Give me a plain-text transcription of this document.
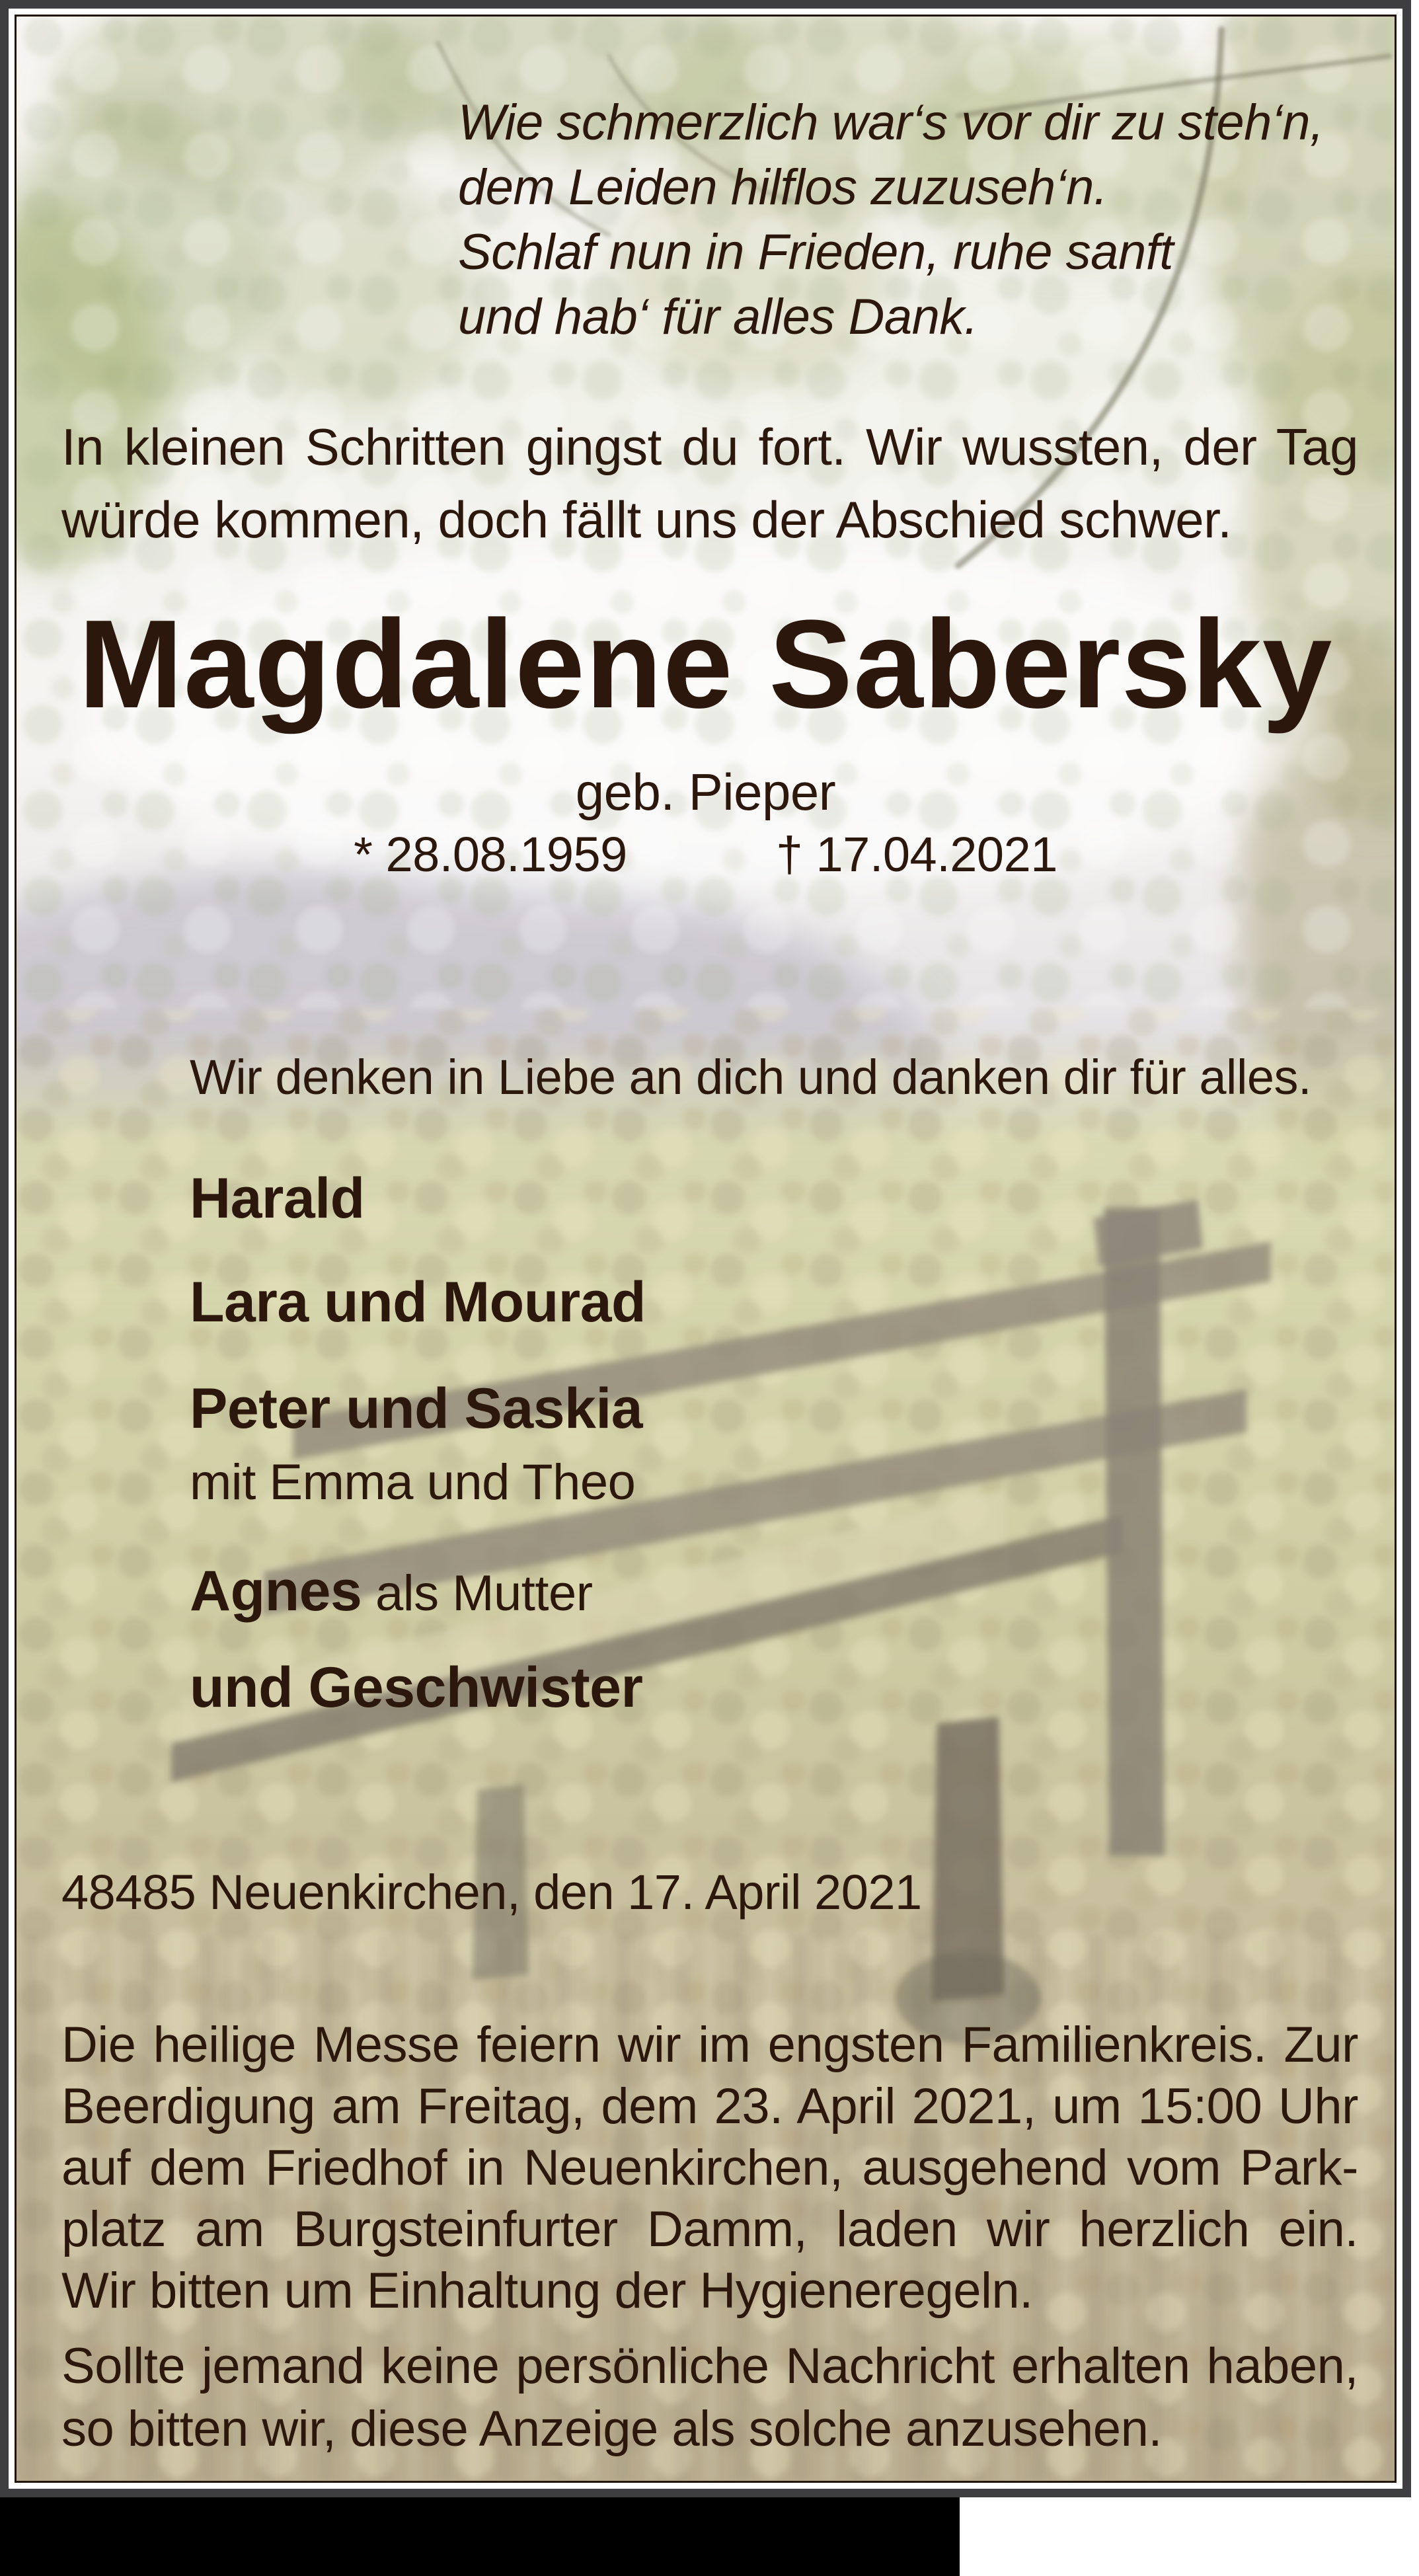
Wie schmerzlich war‘s vor dir zu steh‘n,
dem Leiden hilflos zuzuseh‘n.
Schlaf nun in Frieden, ruhe sanft
und hab‘ für alles Dank.
In kleinen Schritten gingst du fort. Wir wussten, der Tag
würde kommen, doch fällt uns der Abschied schwer.
Magdalene Sabersky
geb. Pieper
* 28.08.1959	† 17.04.2021
Wir denken in Liebe an dich und danken dir für alles.
Harald
Lara und Mourad
Peter und Saskia
mit Emma und Theo
Agnes als Mutter
und Geschwister
48485 Neuenkirchen, den 17. April 2021
Die heilige Messe feiern wir im engsten Familienkreis. Zur
Beerdigung am Freitag, dem 23. April 2021, um 15:00 Uhr
auf dem Friedhof in Neuenkirchen, ausgehend vom Park-
platz am Burgsteinfurter Damm, laden wir herzlich ein.
Wir bitten um Einhaltung der Hygieneregeln.
Sollte jemand keine persönliche Nachricht erhalten haben,
so bitten wir, diese Anzeige als solche anzusehen.
